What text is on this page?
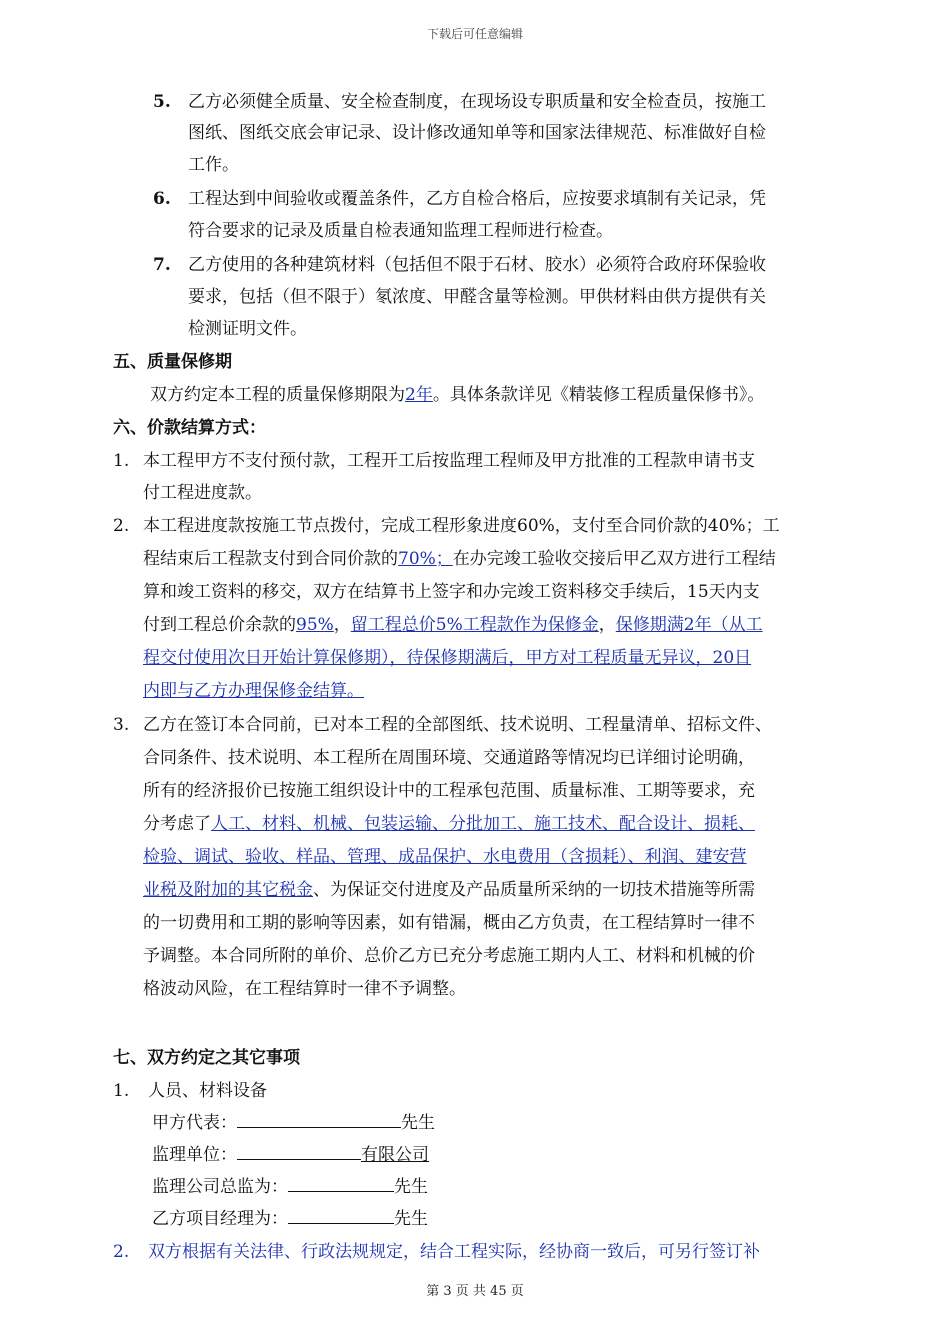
下载后可任意编辑
5. 乙方必须健全质量、安全检查制度，在现场设专职质量和安全检查员，按施工
图纸、图纸交底会审记录、设计修改通知单等和国家法律规范、标准做好自检
工作。
6. 工程达到中间验收或覆盖条件，乙方自检合格后，应按要求填制有关记录，凭
符合要求的记录及质量自检表通知监理工程师进行检查。
7. 乙方使用的各种建筑材料（包括但不限于石材、胶水）必须符合政府环保验收
要求，包括（但不限于）氡浓度、甲醛含量等检测。甲供材料由供方提供有关
检测证明文件。
五、质量保修期
双方约定本工程的质量保修期限为2年。具体条款详见《精装修工程质量保修书》。
六、价款结算方式：
1. 本工程甲方不支付预付款，工程开工后按监理工程师及甲方批准的工程款申请书支
付工程进度款。
2. 本工程进度款按施工节点拨付，完成工程形象进度60%，支付至合同价款的40%；工
程结束后工程款支付到合同价款的70%；在办完竣工验收交接后甲乙双方进行工程结
算和竣工资料的移交，双方在结算书上签字和办完竣工资料移交手续后，15天内支
付到工程总价余款的95%，留工程总价5%工程款作为保修金，保修期满2年（从工
程交付使用次日开始计算保修期），待保修期满后，甲方对工程质量无异议，20日
内即与乙方办理保修金结算。
3. 乙方在签订本合同前，已对本工程的全部图纸、技术说明、工程量清单、招标文件、
合同条件、技术说明、本工程所在周围环境、交通道路等情况均已详细讨论明确，
所有的经济报价已按施工组织设计中的工程承包范围、质量标准、工期等要求，充
分考虑了人工、材料、机械、包装运输、分批加工、施工技术、配合设计、损耗、
检验、调试、验收、样品、管理、成品保护、水电费用（含损耗）、利润、建安营
业税及附加的其它税金、为保证交付进度及产品质量所采纳的一切技术措施等所需
的一切费用和工期的影响等因素，如有错漏，概由乙方负责，在工程结算时一律不
予调整。本合同所附的单价、总价乙方已充分考虑施工期内人工、材料和机械的价
格波动风险，在工程结算时一律不予调整。
七、双方约定之其它事项
1. 人员、材料设备
甲方代表：	先生
监理单位：	有限公司
监理公司总监为：	先生
乙方项目经理为：	先生
2. 双方根据有关法律、行政法规规定，结合工程实际，经协商一致后，可另行签订补
第 3 页 共 45 页
